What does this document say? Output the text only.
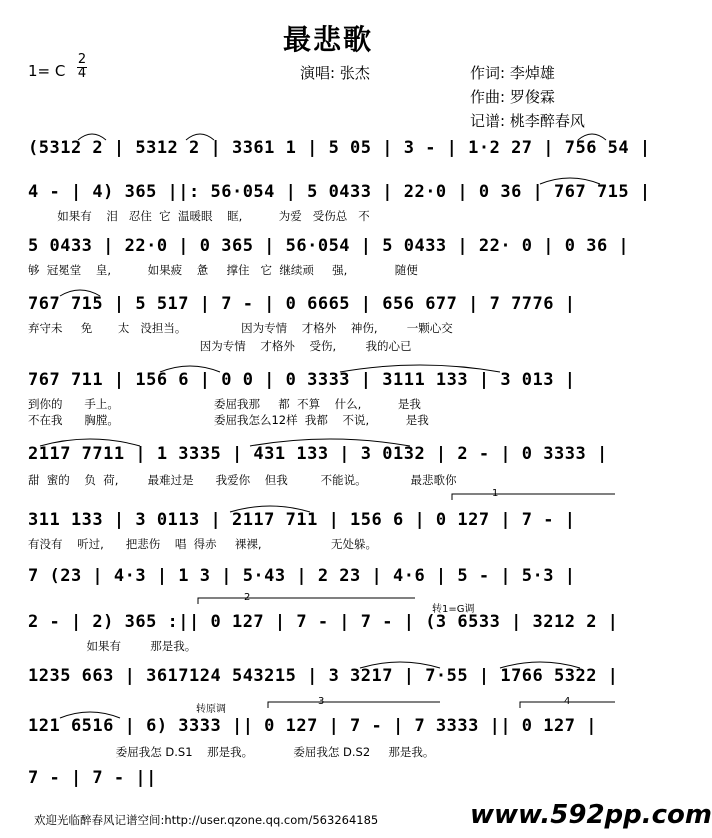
最悲歌
1= C
2
4	演唱: 张杰	作词: 李焯雄
作曲: 罗俊霖
记谱: 桃李醉春风
(5312 2 | 5312 2 | 3361 1 | 5 05 | 3 - | 1·2 27 | 756 54 |
4 - | 4) 365 ||: 56·054 | 5 0433 | 22·0 | 0 36 | 767 715 |
如果有    泪   忍住  它  温暖眼    眶,          为爱   受伤总   不
5 0433 | 22·0 | 0 365 | 56·054 | 5 0433 | 22· 0 | 0 36 |
够  冠冕堂    皇,          如果疲    惫     撑住   它  继续顽     强,             随便
767 715 | 5 517 | 7 - | 0 6665 | 656 677 | 7 7776 |
弃守未     免       太   没担当。               因为专情    才格外    神伤,        一颗心交
因为专情    才格外    受伤,        我的心已
767 711 | 156 6 | 0 0 | 0 3333 | 3111 133 | 3 013 |
到你的      手上。                          委屈我那     都  不算    什么,          是我
不在我      胸膛。                          委屈我怎么12样  我都    不说,          是我
2117 7711 | 1 3335 | 431 133 | 3 0132 | 2 - | 0 3333 |
甜  蜜的    负  荷,        最难过是      我爱你    但我         不能说。            最悲歌你
311 133 | 3 0113 | 2117 711 | 156 6 | 0 127 | 7 - |
有没有    听过,      把悲伤    唱  得赤     裸裸,                   无处躲。
7 (23 | 4·3 | 1 3 | 5·43 | 2 23 | 4·6 | 5 - | 5·3 |
2 - | 2) 365 :|| 0 127 | 7 - | 7 - | (3 6533 | 3212 2 |
如果有        那是我。
1235 663 | 3617124 543215 | 3 3217 | 7·55 | 1766 5322 |
121 6516 | 6) 3333 || 0 127 | 7 - | 7 3333 || 0 127 |
委屈我怎 D.S1    那是我。           委屈我怎 D.S2     那是我。
7 - | 7 - ||
转1=G调
转原调
1
2
3	4
欢迎光临醉春风记谱空间:http://user.qzone.qq.com/563264185	www.592pp.com
